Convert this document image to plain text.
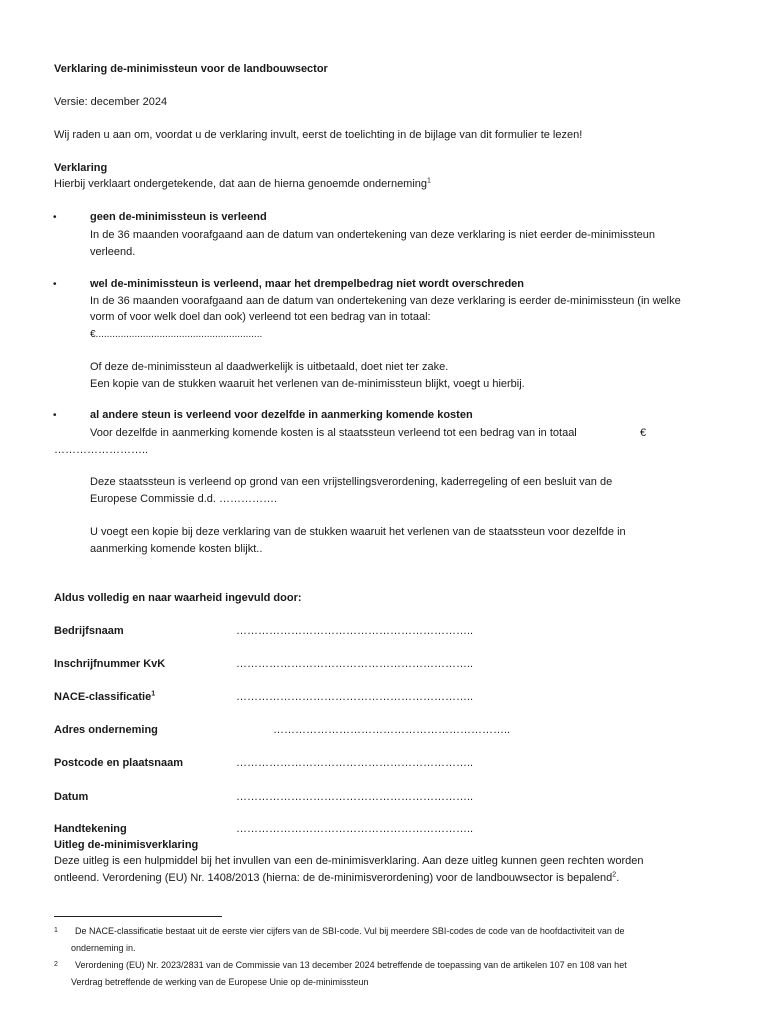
Verklaring de-minimissteun voor de landbouwsector
Versie: december 2024
Wij raden u aan om, voordat u de verklaring invult, eerst de toelichting in de bijlage van dit formulier te lezen!
Verklaring
Hierbij verklaart ondergetekende, dat aan de hierna genoemde onderneming$^1$
•	geen de-minimissteun is verleend
In de 36 maanden voorafgaand aan de datum van ondertekening van deze verklaring is niet eerder de-minimissteun
verleend.
•	wel de-minimissteun is verleend, maar het drempelbedrag niet wordt overschreden
In de 36 maanden voorafgaand aan de datum van ondertekening van deze verklaring is eerder de-minimissteun (in welke
vorm of voor welk doel dan ook) verleend tot een bedrag van in totaal:
€............................................................
Of deze de-minimissteun al daadwerkelijk is uitbetaald, doet niet ter zake.
Een kopie van de stukken waaruit het verlenen van de-minimissteun blijkt, voegt u hierbij.
•	al andere steun is verleend voor dezelfde in aanmerking komende kosten
Voor dezelfde in aanmerking komende kosten is al staatssteun verleend tot een bedrag van in totaal	€
……………………..
Deze staatssteun is verleend op grond van een vrijstellingsverordening, kaderregeling of een besluit van de
Europese Commissie d.d. …………….
U voegt een kopie bij deze verklaring van de stukken waaruit het verlenen van de staatssteun voor dezelfde in
aanmerking komende kosten blijkt..
Aldus volledig en naar waarheid ingevuld door:
Bedrijfsnaam	………………………………………………………..
Inschrijfnummer KvK	………………………………………………………..
NACE-classificatie$^1$	………………………………………………………..
Adres onderneming	………………………………………………………..
Postcode en plaatsnaam	………………………………………………………..
Datum	………………………………………………………..
Handtekening	………………………………………………………..
Uitleg de-minimisverklaring
Deze uitleg is een hulpmiddel bij het invullen van een de-minimisverklaring. Aan deze uitleg kunnen geen rechten worden
ontleend. Verordening (EU) Nr. 1408/2013 (hierna: de de-minimisverordening) voor de landbouwsector is bepalend$^2$.
1 De NACE-classificatie bestaat uit de eerste vier cijfers van de SBI-code. Vul bij meerdere SBI-codes de code van de hoofdactiviteit van de
onderneming in.
2 Verordening (EU) Nr. 2023/2831 van de Commissie van 13 december 2024 betreffende de toepassing van de artikelen 107 en 108 van het
Verdrag betreffende de werking van de Europese Unie op de-minimissteun
